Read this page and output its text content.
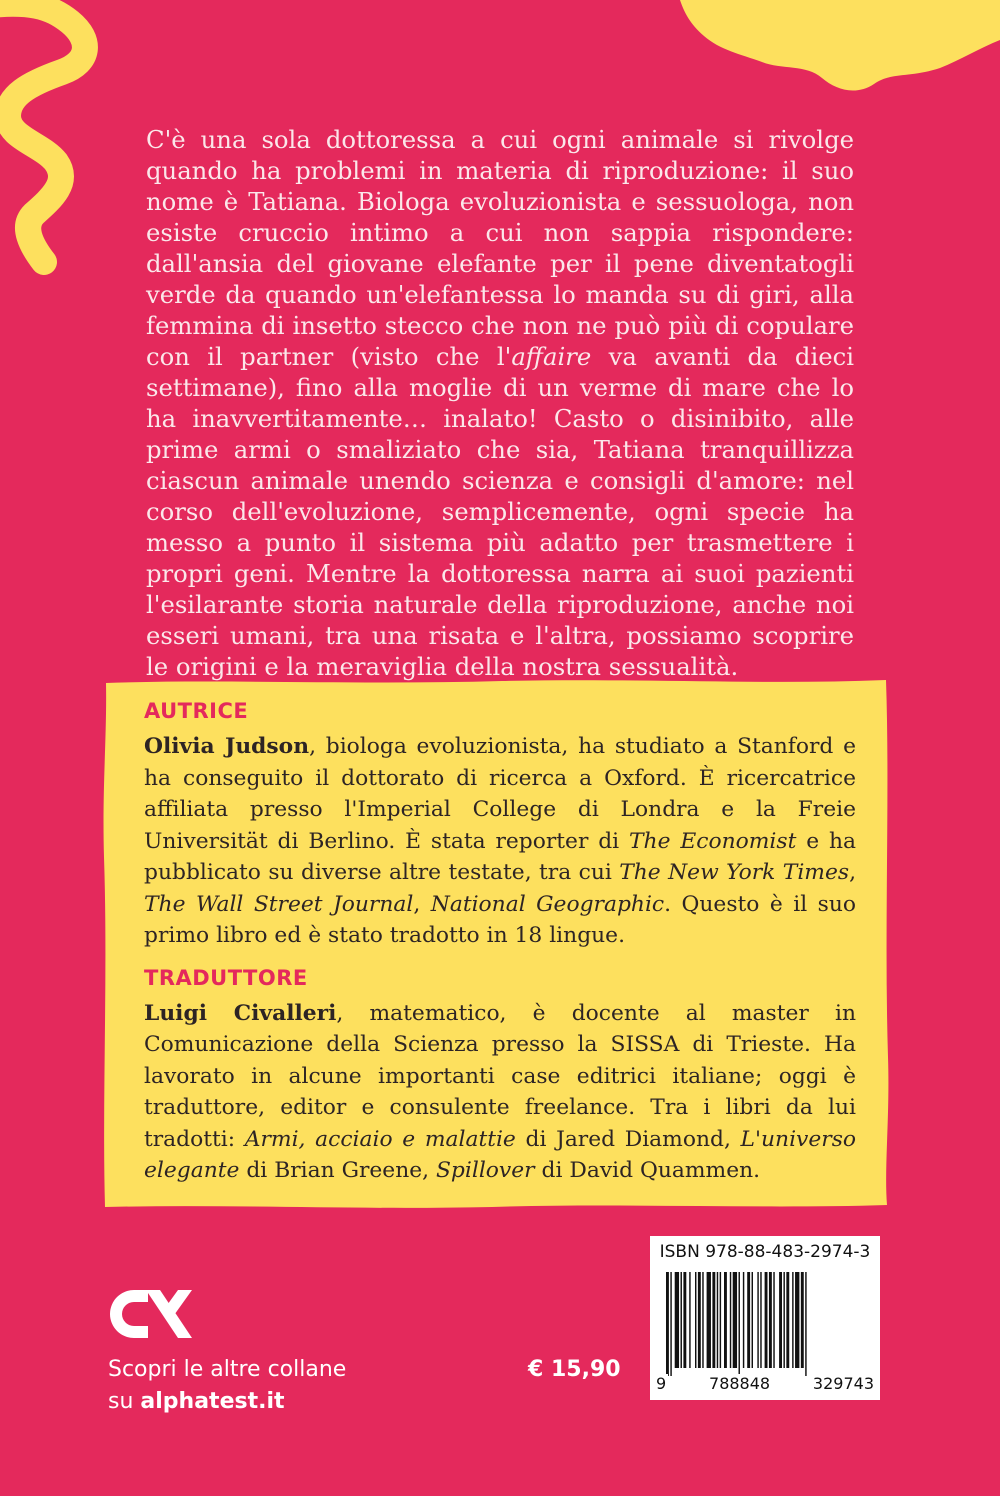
C'è una sola dottoressa a cui ogni animale si rivolge quando ha problemi in materia di riproduzione: il suo nome è Tatiana. Biologa evoluzionista e sessuologa, non esiste cruccio intimo a cui non sappia rispondere: dall'ansia del giovane elefante per il pene diventatogli verde da quando un'elefantessa lo manda su di giri, alla femmina di insetto stecco che non ne può più di copulare con il partner (visto che l'affaire va avanti da dieci settimane), fino alla moglie di un verme di mare che lo ha inavvertitamente… inalato! Casto o disinibito, alle prime armi o smaliziato che sia, Tatiana tranquillizza ciascun animale unendo scienza e consigli d'amore: nel corso dell'evoluzione, semplicemente, ogni specie ha messo a punto il sistema più adatto per trasmettere i propri geni. Mentre la dottoressa narra ai suoi pazienti l'esilarante storia naturale della riproduzione, anche noi esseri umani, tra una risata e l'altra, possiamo scoprire le origini e la meraviglia della nostra sessualità.

AUTRICE

Olivia Judson, biologa evoluzionista, ha studiato a Stanford e ha conseguito il dottorato di ricerca a Oxford. È ricercatrice affiliata presso l'Imperial College di Londra e la Freie Universität di Berlino. È stata reporter di The Economist e ha pubblicato su diverse altre testate, tra cui The New York Times, The Wall Street Journal, National Geographic. Questo è il suo primo libro ed è stato tradotto in 18 lingue.

TRADUTTORE

Luigi Civalleri, matematico, è docente al master in Comunicazione della Scienza presso la SISSA di Trieste. Ha lavorato in alcune importanti case editrici italiane; oggi è traduttore, editor e consulente freelance. Tra i libri da lui tradotti: Armi, acciaio e malattie di Jared Diamond, L'universo elegante di Brian Greene, Spillover di David Quammen.

Scopri le altre collane
su alphatest.it
€ 15,90
ISBN 978-88-483-2974-3
9	788848	329743
